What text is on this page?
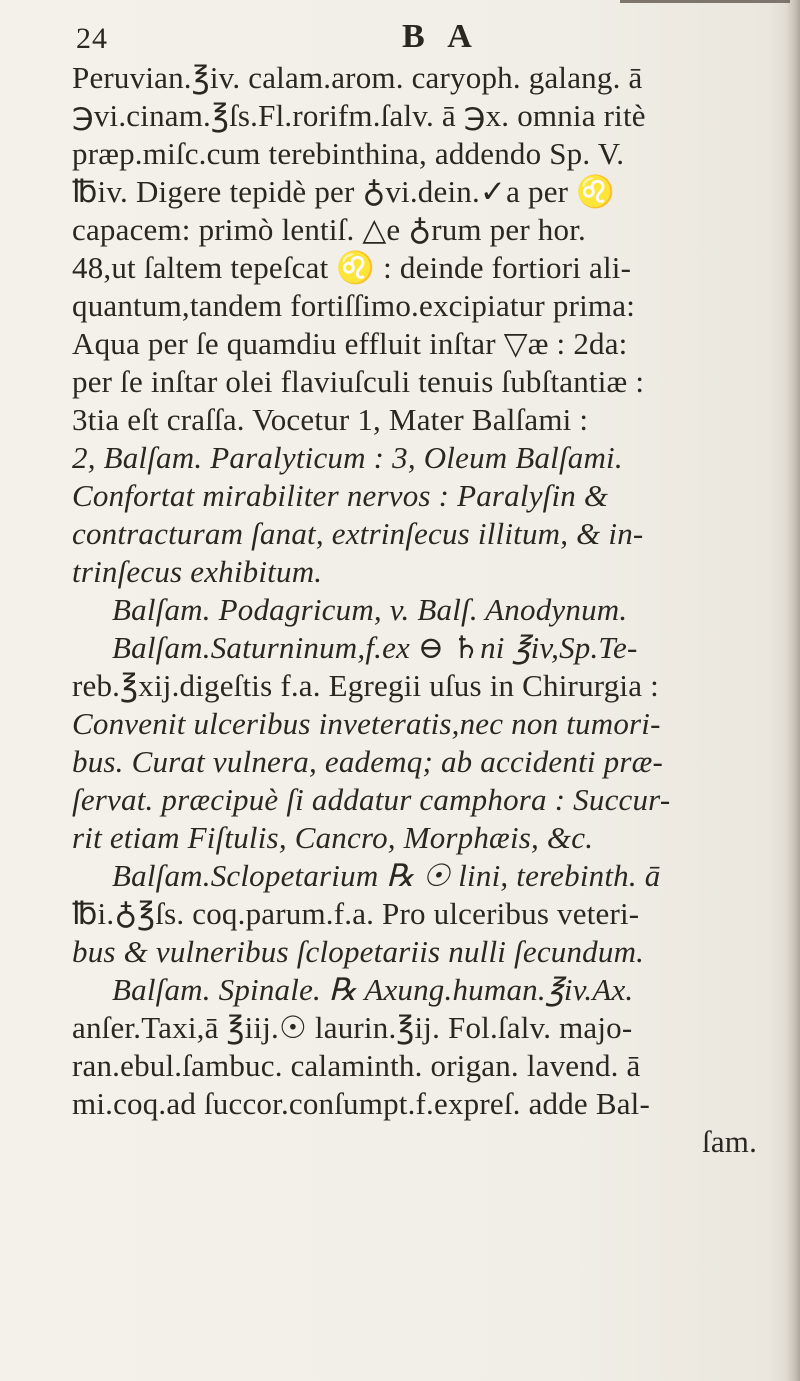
24	B A
Peruvian.℥iv. calam.arom. caryoph. galang. ā
℈vi.cinam.℥ſs.Fl.rorifm.ſalv. ā ℈x. omnia ritè
præp.miſc.cum terebinthina, addendo Sp. V.
℔iv. Digere tepidè per ♁vi.dein.✓a per ♌
capacem: primò lentiſ. △e ♁rum per hor.
48,ut ſaltem tepeſcat ♌ : deinde fortiori ali-
quantum,tandem fortiſſimo.excipiatur prima:
Aqua per ſe quamdiu effluit inſtar ▽æ : 2da:
per ſe inſtar olei flaviuſculi tenuis ſubſtantiæ :
3tia eſt craſſa. Vocetur 1, Mater Balſami :
2, Balſam. Paralyticum : 3, Oleum Balſami.
Confortat mirabiliter nervos : Paralyſin &
contracturam ſanat, extrinſecus illitum, & in-
trinſecus exhibitum.
Balſam. Podagricum, v. Balſ. Anodynum.
Balſam.Saturninum,f.ex ⊖ ♄ni ℥iv,Sp.Te-
reb.℥xij.digeſtis f.a. Egregii uſus in Chirurgia :
Convenit ulceribus inveteratis,nec non tumori-
bus. Curat vulnera, eademq; ab accidenti præ-
ſervat. præcipuè ſi addatur camphora : Succur-
rit etiam Fiſtulis, Cancro, Morphæis, &c.
Balſam.Sclopetarium ℞ ☉ lini, terebinth. ā
℔i.♁℥ſs. coq.parum.f.a. Pro ulceribus veteri-
bus & vulneribus ſclopetariis nulli ſecundum.
Balſam. Spinale. ℞ Axung.human.℥iv.Ax.
anſer.Taxi,ā ℥iij.☉ laurin.℥ij. Fol.ſalv. majo-
ran.ebul.ſambuc. calaminth. origan. lavend. ā
mi.coq.ad ſuccor.conſumpt.f.expreſ. adde Bal-
ſam.
